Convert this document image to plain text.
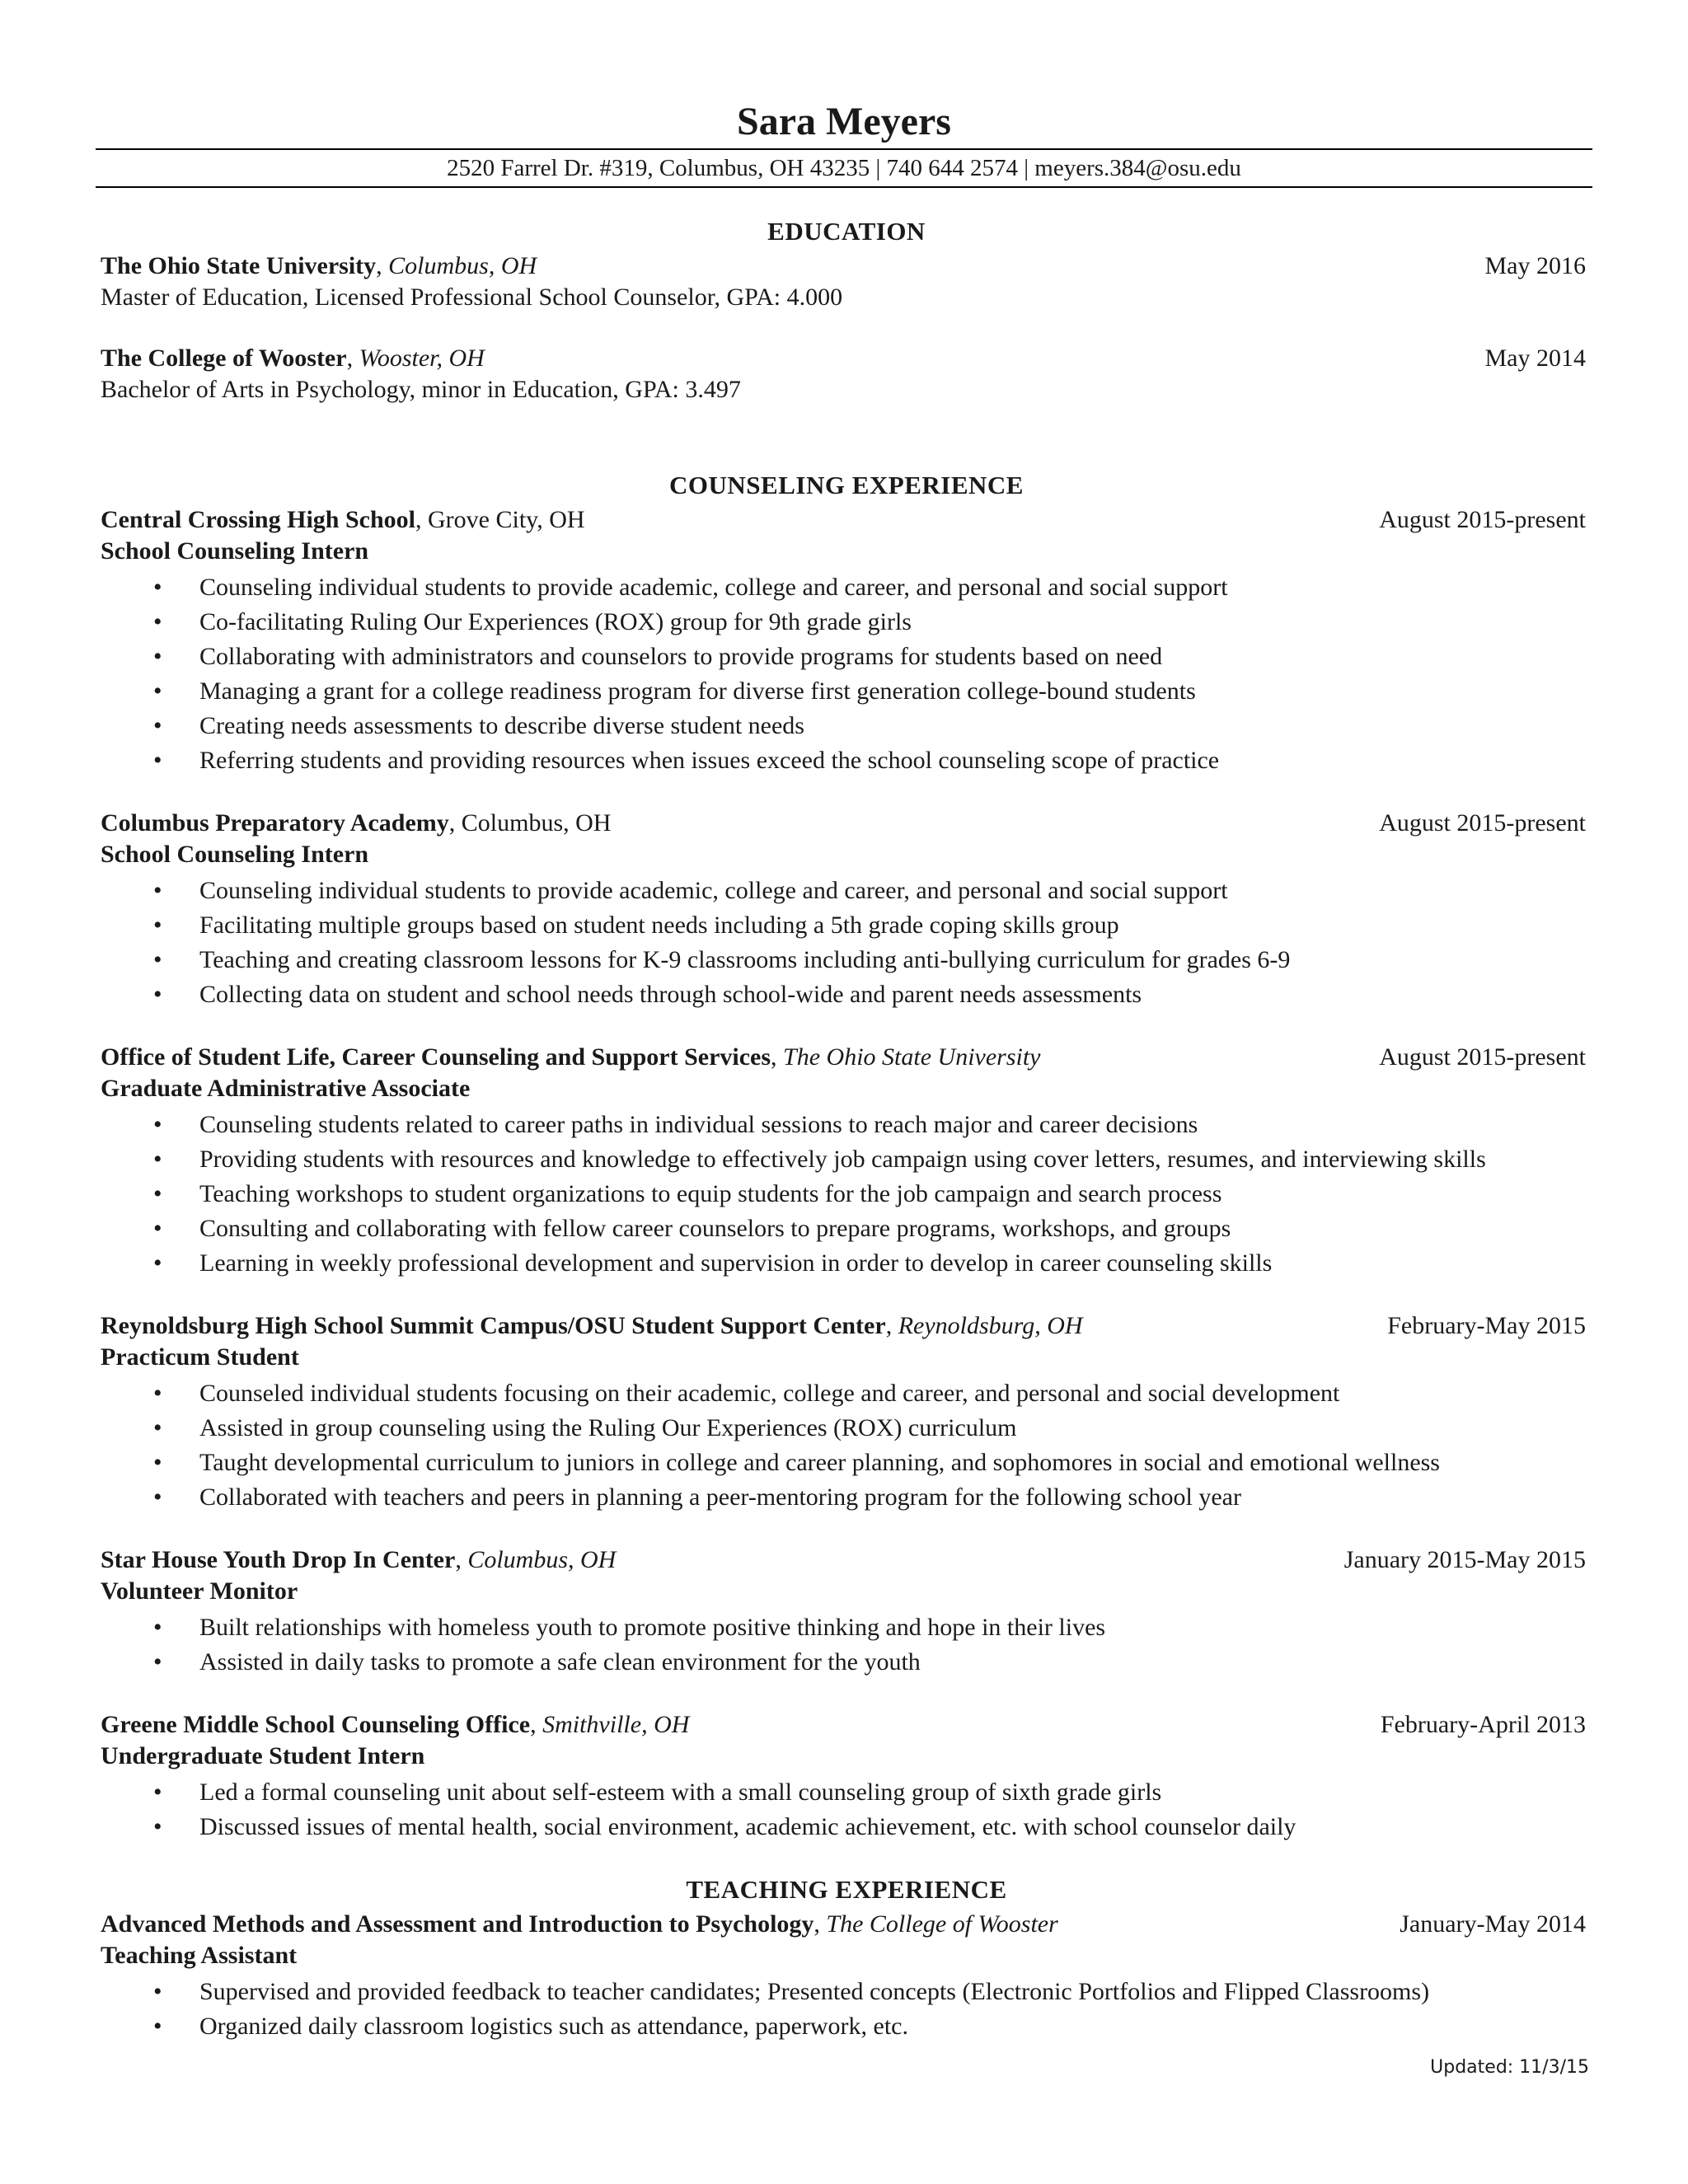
Sara Meyers
2520 Farrel Dr. #319, Columbus, OH 43235 | 740 644 2574 | meyers.384@osu.edu
EDUCATION
The Ohio State University, Columbus, OH	May 2016
Master of Education, Licensed Professional School Counselor, GPA: 4.000
The College of Wooster, Wooster, OH	May 2014
Bachelor of Arts in Psychology, minor in Education, GPA: 3.497
COUNSELING EXPERIENCE
Central Crossing High School, Grove City, OH	August 2015-present
School Counseling Intern
• Counseling individual students to provide academic, college and career, and personal and social support
• Co-facilitating Ruling Our Experiences (ROX) group for 9th grade girls
• Collaborating with administrators and counselors to provide programs for students based on need
• Managing a grant for a college readiness program for diverse first generation college-bound students
• Creating needs assessments to describe diverse student needs
• Referring students and providing resources when issues exceed the school counseling scope of practice
Columbus Preparatory Academy, Columbus, OH	August 2015-present
School Counseling Intern
• Counseling individual students to provide academic, college and career, and personal and social support
• Facilitating multiple groups based on student needs including a 5th grade coping skills group
• Teaching and creating classroom lessons for K-9 classrooms including anti-bullying curriculum for grades 6-9
• Collecting data on student and school needs through school-wide and parent needs assessments
Office of Student Life, Career Counseling and Support Services, The Ohio State University	August 2015-present
Graduate Administrative Associate
• Counseling students related to career paths in individual sessions to reach major and career decisions
• Providing students with resources and knowledge to effectively job campaign using cover letters, resumes, and interviewing skills
• Teaching workshops to student organizations to equip students for the job campaign and search process
• Consulting and collaborating with fellow career counselors to prepare programs, workshops, and groups
• Learning in weekly professional development and supervision in order to develop in career counseling skills
Reynoldsburg High School Summit Campus/OSU Student Support Center, Reynoldsburg, OH	February-May 2015
Practicum Student
• Counseled individual students focusing on their academic, college and career, and personal and social development
• Assisted in group counseling using the Ruling Our Experiences (ROX) curriculum
• Taught developmental curriculum to juniors in college and career planning, and sophomores in social and emotional wellness
• Collaborated with teachers and peers in planning a peer-mentoring program for the following school year
Star House Youth Drop In Center, Columbus, OH	January 2015-May 2015
Volunteer Monitor
• Built relationships with homeless youth to promote positive thinking and hope in their lives
• Assisted in daily tasks to promote a safe clean environment for the youth
Greene Middle School Counseling Office, Smithville, OH	February-April 2013
Undergraduate Student Intern
• Led a formal counseling unit about self-esteem with a small counseling group of sixth grade girls
• Discussed issues of mental health, social environment, academic achievement, etc. with school counselor daily
TEACHING EXPERIENCE
Advanced Methods and Assessment and Introduction to Psychology, The College of Wooster	January-May 2014
Teaching Assistant
• Supervised and provided feedback to teacher candidates; Presented concepts (Electronic Portfolios and Flipped Classrooms)
• Organized daily classroom logistics such as attendance, paperwork, etc.
Updated: 11/3/15
